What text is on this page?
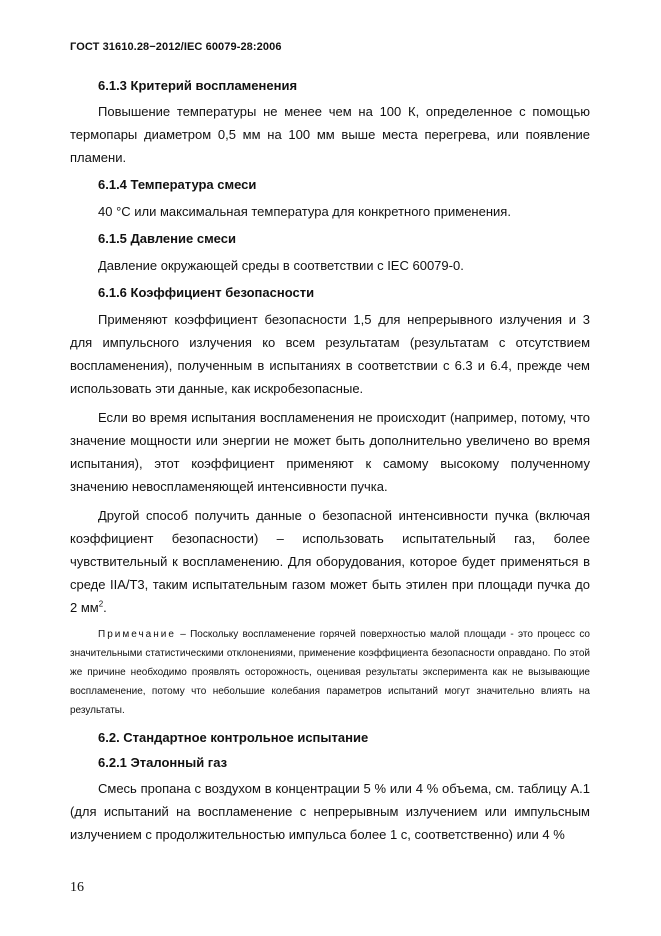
ГОСТ 31610.28−2012/IEC 60079-28:2006

6.1.3 Критерий воспламенения

Повышение температуры не менее чем на 100 К, определенное с помощью термопары диаметром 0,5 мм на 100 мм выше места перегрева, или появление пламени.

6.1.4 Температура смеси

40 °С или максимальная температура для конкретного применения.

6.1.5 Давление смеси

Давление окружающей среды в соответствии с IEC 60079-0.

6.1.6 Коэффициент безопасности

Применяют коэффициент безопасности 1,5 для непрерывного излучения и 3 для импульсного излучения ко всем результатам (результатам с отсутствием воспламенения), полученным в испытаниях в соответствии с 6.3 и 6.4, прежде чем использовать эти данные, как искробезопасные.

Если во время испытания воспламенения не происходит (например, потому, что значение мощности или энергии не может быть дополнительно увеличено во время испытания), этот коэффициент применяют к самому высокому полученному значению невоспламеняющей интенсивности пучка.

Другой способ получить данные о безопасной интенсивности пучка (включая коэффициент безопасности) – использовать испытательный газ, более чувствительный к воспламенению. Для оборудования, которое будет применяться в среде IIA/T3, таким испытательным газом может быть этилен при площади пучка до 2 $мм^2$.

Примечание – Поскольку воспламенение горячей поверхностью малой площади - это процесс со значительными статистическими отклонениями, применение коэффициента безопасности оправдано. По этой же причине необходимо проявлять осторожность, оценивая результаты эксперимента как не вызывающие воспламенение, потому что небольшие колебания параметров испытаний могут значительно влиять на результаты.

6.2. Стандартное контрольное испытание

6.2.1 Эталонный газ

Смесь пропана с воздухом в концентрации 5 % или 4 % объема, см. таблицу А.1 (для испытаний на воспламенение с непрерывным излучением или импульсным излучением с продолжительностью импульса более 1 с, соответственно) или 4 %

16
